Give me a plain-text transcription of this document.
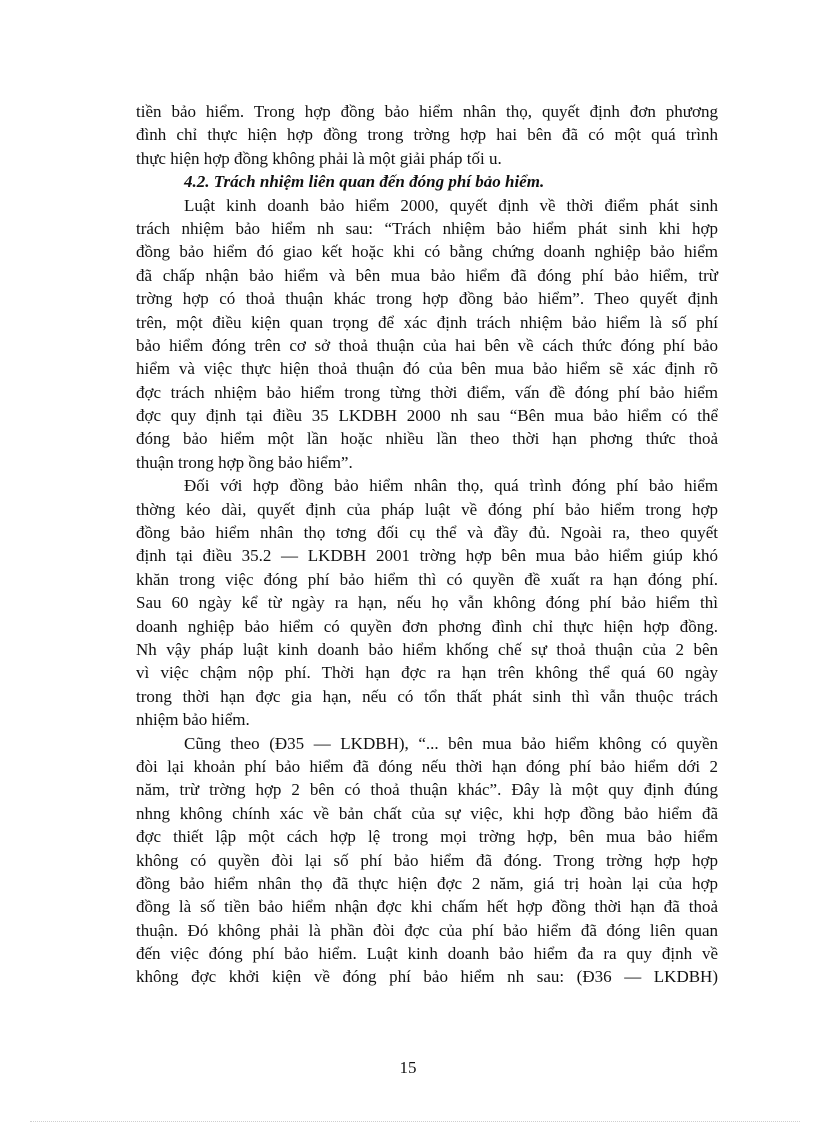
tiền bảo hiểm. Trong hợp đồng bảo hiểm nhân thọ, quyết định đơn phương
đình chỉ thực hiện hợp đồng trong trờng hợp hai bên đã có một quá trình
thực hiện hợp đồng không phải là một giải pháp tối u.
4.2. Trách nhiệm liên quan đến đóng phí bảo hiểm.
Luật kinh doanh bảo hiểm 2000, quyết định về thời điểm phát sinh
trách nhiệm bảo hiểm nh sau: “Trách nhiệm bảo hiểm phát sinh khi hợp
đồng bảo hiểm đó giao kết hoặc khi có bằng chứng doanh nghiệp bảo hiểm
đã chấp nhận bảo hiểm và bên mua bảo hiểm đã đóng phí bảo hiểm, trừ
trờng hợp có thoả thuận khác trong hợp đồng bảo hiểm”. Theo quyết định
trên, một điều kiện quan trọng để xác định trách nhiệm bảo hiểm là số phí
bảo hiểm đóng trên cơ sở thoả thuận của hai bên về cách thức đóng phí bảo
hiểm và việc thực hiện thoả thuận đó của bên mua bảo hiểm sẽ xác định rõ
đợc trách nhiệm bảo hiểm trong từng thời điểm, vấn đề đóng phí bảo hiểm
đợc quy định tại điều 35 LKDBH 2000 nh sau “Bên mua bảo hiểm có thể
đóng bảo hiểm một lần hoặc nhiều lần theo thời hạn phơng thức thoả
thuận trong hợp ồng bảo hiểm”.
Đối với hợp đồng bảo hiểm nhân thọ, quá trình đóng phí bảo hiểm
thờng kéo dài, quyết định của pháp luật về đóng phí bảo hiểm trong hợp
đồng bảo hiểm nhân thọ tơng đối cụ thể và đầy đủ. Ngoài ra, theo quyết
định tại điều 35.2 — LKDBH 2001 trờng hợp bên mua bảo hiểm giúp khó
khăn trong việc đóng phí bảo hiểm thì có quyền đề xuất ra hạn đóng phí.
Sau 60 ngày kể từ ngày ra hạn, nếu họ vẫn không đóng phí bảo hiểm thì
doanh nghiệp bảo hiểm có quyền đơn phơng đình chỉ thực hiện hợp đồng.
Nh vậy pháp luật kinh doanh bảo hiểm khống chế sự thoả thuận của 2 bên
vì việc chậm nộp phí. Thời hạn đợc ra hạn trên không thể quá 60 ngày
trong thời hạn đợc gia hạn, nếu có tổn thất phát sinh thì vẫn thuộc trách
nhiệm bảo hiểm.
Cũng theo (Đ35 — LKDBH), “... bên mua bảo hiểm không có quyền
đòi lại khoản phí bảo hiểm đã đóng nếu thời hạn đóng phí bảo hiểm dới 2
năm, trừ trờng hợp 2 bên có thoả thuận khác”. Đây là một quy định đúng
nhng không chính xác về bản chất của sự việc, khi hợp đồng bảo hiểm đã
đợc thiết lập một cách hợp lệ trong mọi trờng hợp, bên mua bảo hiểm
không có quyền đòi lại số phí bảo hiểm đã đóng. Trong trờng hợp hợp
đồng bảo hiểm nhân thọ đã thực hiện đợc 2 năm, giá trị hoàn lại của hợp
đồng là số tiền bảo hiểm nhận đợc khi chấm hết hợp đồng thời hạn đã thoả
thuận. Đó không phải là phần đòi đợc của phí bảo hiểm đã đóng liên quan
đến việc đóng phí bảo hiểm. Luật kinh doanh bảo hiểm đa ra quy định về
không đợc khởi kiện về đóng phí bảo hiểm nh sau: (Đ36 — LKDBH)
15
